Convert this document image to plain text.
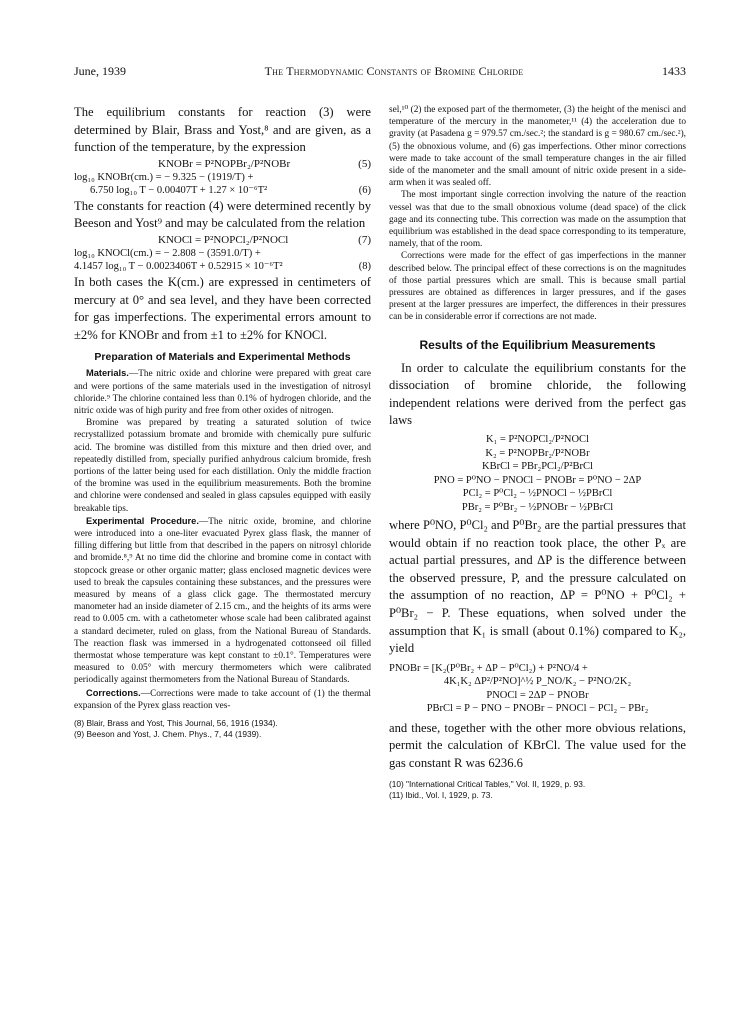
June, 1939	The Thermodynamic Constants of Bromine Chloride	1433

The equilibrium constants for reaction (3) were determined by Blair, Brass and Yost,⁸ and are given, as a function of the temperature, by the expression

KNOBr = P²NOPBr₂/P²NOBr	(5)
log₁₀ KNOBr(cm.) = − 9.325 − (1919/T) +
6.750 log₁₀ T − 0.00407T + 1.27 × 10⁻⁶T²	(6)

The constants for reaction (4) were determined recently by Beeson and Yost⁹ and may be calculated from the relation

KNOCl = P²NOPCl₂/P²NOCl	(7)
log₁₀ KNOCl(cm.) = − 2.808 − (3591.0/T) +
4.1457 log₁₀ T − 0.0023406T + 0.52915 × 10⁻⁶T²	(8)

In both cases the K(cm.) are expressed in centimeters of mercury at 0° and sea level, and they have been corrected for gas imperfections. The experimental errors amount to ±2% for KNOBr and from ±1 to ±2% for KNOCl.

Preparation of Materials and Experimental Methods

Materials.—The nitric oxide and chlorine were prepared with great care and were portions of the same materials used in the investigation of nitrosyl chloride.⁹ The chlorine contained less than 0.1% of hydrogen chloride, and the nitric oxide was of high purity and free from other oxides of nitrogen.

Bromine was prepared by treating a saturated solution of twice recrystallized potassium bromate and bromide with chemically pure sulfuric acid. The bromine was distilled from this mixture and then dried over, and repeatedly distilled from, specially purified anhydrous calcium bromide, fresh portions of the latter being used for each distillation. Only the middle fraction of the bromine was used in the equilibrium measurements. Both the bromine and chlorine were condensed and sealed in glass capsules equipped with easily breakable tips.

Experimental Procedure.—The nitric oxide, bromine, and chlorine were introduced into a one-liter evacuated Pyrex glass flask, the manner of filling differing but little from that described in the papers on nitrosyl chloride and bromide.⁸,⁹ At no time did the chlorine and bromine come in contact with stopcock grease or other organic matter; glass enclosed magnetic devices were used to break the capsules containing these substances, and the pressures were measured by means of a glass click gage. The thermostated mercury manometer had an inside diameter of 2.15 cm., and the heights of its arms were read to 0.005 cm. with a cathetometer whose scale had been calibrated against a standard decimeter, ruled on glass, from the National Bureau of Standards. The reaction flask was immersed in a hydrogenated cottonseed oil filled thermostat whose temperature was kept constant to ±0.1°. Temperatures were measured to 0.05° with mercury thermometers which were calibrated periodically against thermometers from the National Bureau of Standards.

Corrections.—Corrections were made to take account of (1) the thermal expansion of the Pyrex glass reaction ves-

(8) Blair, Brass and Yost, This Journal, 56, 1916 (1934).
(9) Beeson and Yost, J. Chem. Phys., 7, 44 (1939).

sel,¹⁰ (2) the exposed part of the thermometer, (3) the height of the menisci and temperature of the mercury in the manometer,¹¹ (4) the acceleration due to gravity (at Pasadena g = 979.57 cm./sec.²; the standard is g = 980.67 cm./sec.²), (5) the obnoxious volume, and (6) gas imperfections. Other minor corrections were made to take account of the small temperature changes in the air filled side of the manometer and the small amount of nitric oxide present in a side-arm when it was sealed off.

The most important single correction involving the nature of the reaction vessel was that due to the small obnoxious volume (dead space) of the click gage and its connecting tube. This correction was made on the assumption that equilibrium was established in the dead space corresponding to its temperature, namely, that of the room.

Corrections were made for the effect of gas imperfections in the manner described below. The principal effect of these corrections is on the magnitudes of those partial pressures which are small. This is because small partial pressures are obtained as differences in larger pressures, and if the gases present at the larger pressures are imperfect, the differences in their pressures can be in considerable error if corrections are not made.

Results of the Equilibrium Measurements

In order to calculate the equilibrium constants for the dissociation of bromine chloride, the following independent relations were derived from the perfect gas laws

K₁ = P²NOPCl₂/P²NOCl
K₂ = P²NOPBr₂/P²NOBr
KBrCl = PBr₂PCl₂/P²BrCl
PNO = P⁰NO − PNOCl − PNOBr = P⁰NO − 2ΔP
PCl₂ = P⁰Cl₂ − ½PNOCl − ½PBrCl
PBr₂ = P⁰Br₂ − ½PNOBr − ½PBrCl

where P⁰NO, P⁰Cl₂ and P⁰Br₂ are the partial pressures that would obtain if no reaction took place, the other Pₓ are actual partial pressures, and ΔP is the difference between the observed pressure, P, and the pressure calculated on the assumption of no reaction, ΔP = P⁰NO + P⁰Cl₂ + P⁰Br₂ − P. These equations, when solved under the assumption that K₁ is small (about 0.1%) compared to K₂, yield

PNOBr = [K₂(P⁰Br₂ + ΔP − P⁰Cl₂) + P²NO/4 +
4K₁K₂ ΔP²/P²NO]^½ P_NO/K₂ − P²NO/2K₂
PNOCl = 2ΔP − PNOBr
PBrCl = P − PNO − PNOBr − PNOCl − PCl₂ − PBr₂

and these, together with the other more obvious relations, permit the calculation of KBrCl. The value used for the gas constant R was 6236.6

(10) "International Critical Tables," Vol. II, 1929, p. 93.
(11) Ibid., Vol. I, 1929, p. 73.
